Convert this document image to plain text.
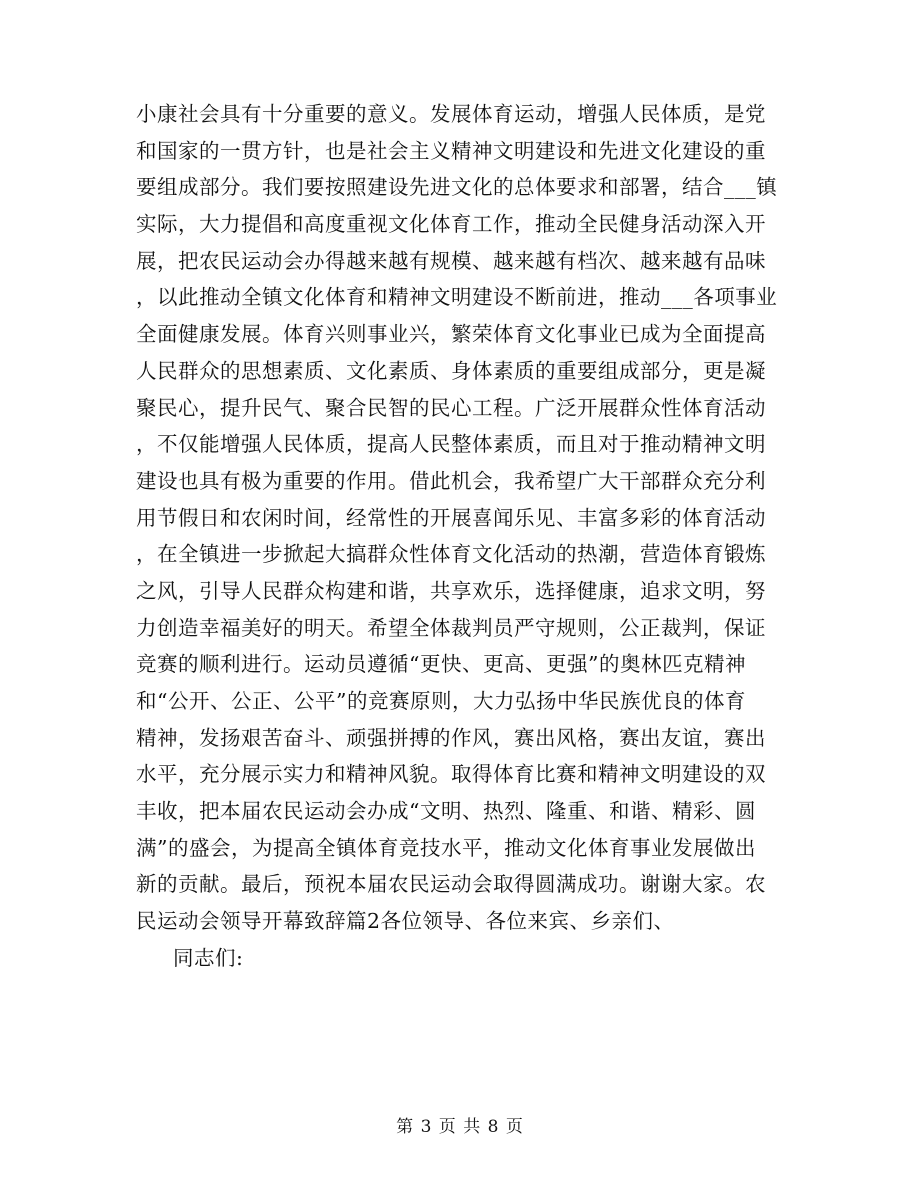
小康社会具有十分重要的意义。发展体育运动，增强人民体质，是党
和国家的一贯方针，也是社会主义精神文明建设和先进文化建设的重
要组成部分。我们要按照建设先进文化的总体要求和部署，结合___镇
实际，大力提倡和高度重视文化体育工作，推动全民健身活动深入开
展，把农民运动会办得越来越有规模、越来越有档次、越来越有品味
，以此推动全镇文化体育和精神文明建设不断前进，推动___各项事业
全面健康发展。体育兴则事业兴，繁荣体育文化事业已成为全面提高
人民群众的思想素质、文化素质、身体素质的重要组成部分，更是凝
聚民心，提升民气、聚合民智的民心工程。广泛开展群众性体育活动
，不仅能增强人民体质，提高人民整体素质，而且对于推动精神文明
建设也具有极为重要的作用。借此机会，我希望广大干部群众充分利
用节假日和农闲时间，经常性的开展喜闻乐见、丰富多彩的体育活动
，在全镇进一步掀起大搞群众性体育文化活动的热潮，营造体育锻炼
之风，引导人民群众构建和谐，共享欢乐，选择健康，追求文明，努
力创造幸福美好的明天。希望全体裁判员严守规则，公正裁判，保证
竞赛的顺利进行。运动员遵循“更快、更高、更强”的奥林匹克精神
和“公开、公正、公平”的竞赛原则，大力弘扬中华民族优良的体育
精神，发扬艰苦奋斗、顽强拼搏的作风，赛出风格，赛出友谊，赛出
水平，充分展示实力和精神风貌。取得体育比赛和精神文明建设的双
丰收，把本届农民运动会办成“文明、热烈、隆重、和谐、精彩、圆
满”的盛会，为提高全镇体育竞技水平，推动文化体育事业发展做出
新的贡献。最后，预祝本届农民运动会取得圆满成功。谢谢大家。农
民运动会领导开幕致辞篇2各位领导、各位来宾、乡亲们、
同志们:
第 3 页 共 8 页
